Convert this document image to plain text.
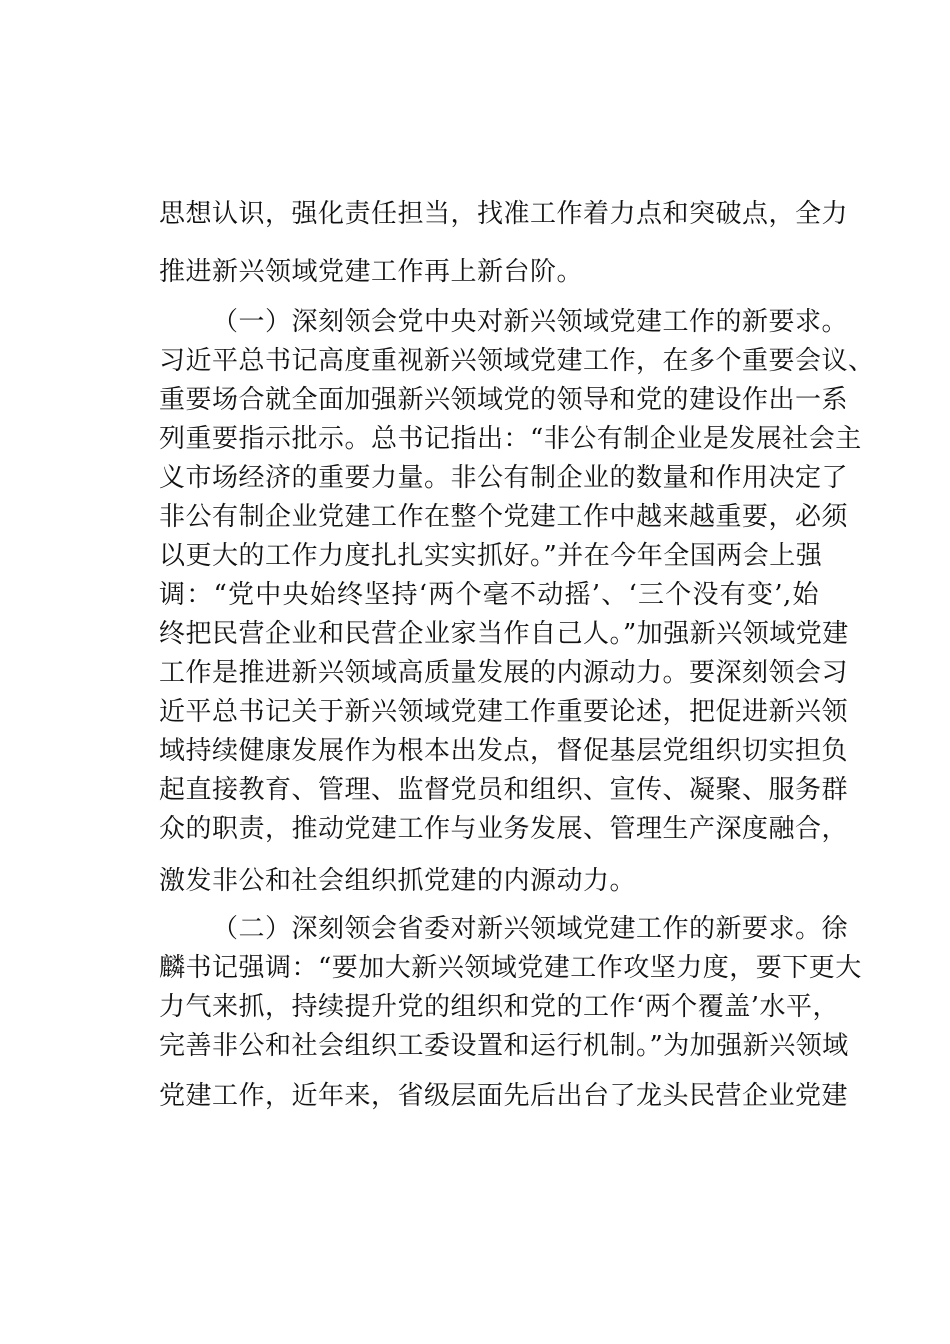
思想认识，强化责任担当，找准工作着力点和突破点，全力
推进新兴领域党建工作再上新台阶。
（一）深刻领会党中央对新兴领域党建工作的新要求。
习近平总书记高度重视新兴领域党建工作，在多个重要会议、
重要场合就全面加强新兴领域党的领导和党的建设作出一系
列重要指示批示。总书记指出：“非公有制企业是发展社会主
义市场经济的重要力量。非公有制企业的数量和作用决定了
非公有制企业党建工作在整个党建工作中越来越重要，必须
以更大的工作力度扎扎实实抓好。”并在今年全国两会上强
调：“党中央始终坚持‘两个毫不动摇’、‘三个没有变’,始
终把民营企业和民营企业家当作自己人。”加强新兴领域党建
工作是推进新兴领域高质量发展的内源动力。要深刻领会习
近平总书记关于新兴领域党建工作重要论述，把促进新兴领
域持续健康发展作为根本出发点，督促基层党组织切实担负
起直接教育、管理、监督党员和组织、宣传、凝聚、服务群
众的职责，推动党建工作与业务发展、管理生产深度融合，
激发非公和社会组织抓党建的内源动力。
（二）深刻领会省委对新兴领域党建工作的新要求。徐
麟书记强调：“要加大新兴领域党建工作攻坚力度，要下更大
力气来抓，持续提升党的组织和党的工作‘两个覆盖’水平，
完善非公和社会组织工委设置和运行机制。”为加强新兴领域
党建工作，近年来，省级层面先后出台了龙头民营企业党建
